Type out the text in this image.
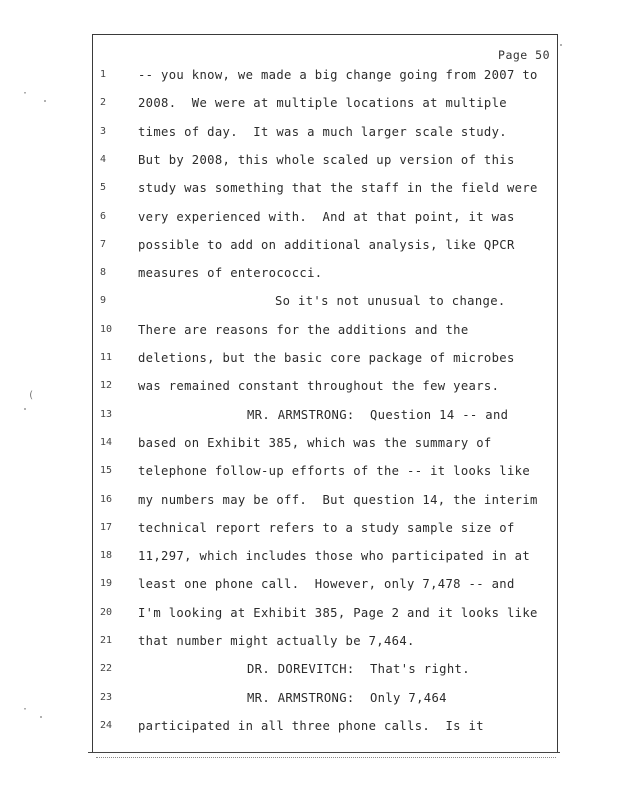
Page 50
1	-- you know, we made a big change going from 2007 to
2	2008.  We were at multiple locations at multiple
3	times of day.  It was a much larger scale study.
4	But by 2008, this whole scaled up version of this
5	study was something that the staff in the field were
6	very experienced with.  And at that point, it was
7	possible to add on additional analysis, like QPCR
8	measures of enterococci.
9	So it's not unusual to change.
10	There are reasons for the additions and the
11	deletions, but the basic core package of microbes
12	was remained constant throughout the few years.
13	MR. ARMSTRONG:  Question 14 -- and
14	based on Exhibit 385, which was the summary of
15	telephone follow-up efforts of the -- it looks like
16	my numbers may be off.  But question 14, the interim
17	technical report refers to a study sample size of
18	11,297, which includes those who participated in at
19	least one phone call.  However, only 7,478 -- and
20	I'm looking at Exhibit 385, Page 2 and it looks like
21	that number might actually be 7,464.
22	DR. DOREVITCH:  That's right.
23	MR. ARMSTRONG:  Only 7,464
24	participated in all three phone calls.  Is it
·
(
·
